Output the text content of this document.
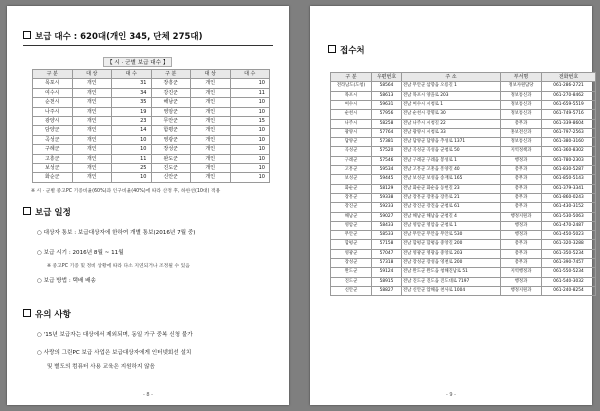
보급 대수 : 620대(개인 345, 단체 275대)
【 시 · 군별 보급 대수 】
구 분	대 상	대 수	구 분	대 상	대 수
목포시	개인	31	장흥군	개인	10
여수시	개인	34	강진군	개인	11
순천시	개인	35	해남군	개인	10
나주시	개인	19	영암군	개인	10
광양시	개인	23	무안군	개인	15
담양군	개인	14	함평군	개인	10
곡성군	개인	10	영광군	개인	10
구례군	개인	10	장성군	개인	10
고흥군	개인	11	완도군	개인	10
보성군	개인	25	진도군	개인	10
화순군	개인	10	신안군	개인	10
※ 시 · 군별 중고PC 기증비율(60%)과 인구비율(40%)에 따라 산정 후, 하한선(10대) 적용
보급 일정
○ 대상자 통보 : 보급대상자에 한하여 개별 통보(2016년 7월 중)
○ 보급 시기 : 2016년 8월 ~ 11월
※ 중고PC 기증 및 정비 상황에 따라 다소 지연되거나 조정될 수 있음
○ 보급 방법 : 택배 배송
유의 사항
○ '15년 보급자는 대상에서 제외되며, 동일 가구 중복 신청 불가
○ 사랑의 그린PC 보급 사업은 보급대상자에게 인터넷회선 설치
및 별도의 컴퓨터 사용 교육은 지원하지 않음
- 8 -
접수처
구 분	우편번호	주 소	부서명	전화번호
전라남도(도청)	58564	전남 무안군 삼향읍 오룡길 1	정보자원담당	061-286-2721
목포시	58613	전남 목포시 양을로 203	정보통신과	061-270-8462
여수시	59631	전남 여수시 시청로 1	정보통신과	061-659-5519
순천시	57956	전남 순천시 장명로 30	정보통신과	061-749-5716
나주시	58258	전남 나주시 시청길 22	총무과	061-339-8604
광양시	57764	전남 광양시 시청로 33	홍보전산과	061-797-2563
담양군	57381	전남 담양군 담양읍 추성로 1371	정보통신과	061-380-3160
곡성군	57520	전남 곡성군 곡성읍 군청로 50	지역정책과	061-360-8302
구례군	57546	전남 구례군 구례읍 봉성로 1	행정과	061-780-2303
고흥군	59534	전남 고흥군 고흥읍 흥양길 40	총무과	061-830-5287
보성군	59445	전남 보성군 보성읍 송재로 165	총무과	061-850-5143
화순군	58129	전남 화순군 화순읍 동헌길 23	총무과	061-379-3341
장흥군	59338	전남 장흥군 장흥읍 장흥로 21	총무과	061-860-0243
강진군	59233	전남 강진군 강진읍 군청로 61	총무과	061-430-3152
해남군	59027	전남 해남군 해남읍 군청길 4	행정지원과	061-530-5063
영암군	58433	전남 영암군 영암읍 군청로 1	행정과	061-470-2487
무안군	58533	전남 무안군 무안읍 무안로 530	행정과	061-450-5023
함평군	57158	전남 함평군 함평읍 중앙길 200	총무과	061-320-3288
영광군	57047	전남 영광군 영광읍 중앙로 203	총무과	061-350-5234
장성군	57318	전남 장성군 장성읍 영천로 200	총무과	061-390-7457
완도군	59124	전남 완도군 완도읍 청해진남로 51	지역행정과	061-550-5234
진도군	58915	전남 진도군 진도읍 진도대로 7197	행정과	061-540-3032
신안군	58827	전남 신안군 압해읍 천사로 1004	행정지원과	061-240-8254
- 9 -
